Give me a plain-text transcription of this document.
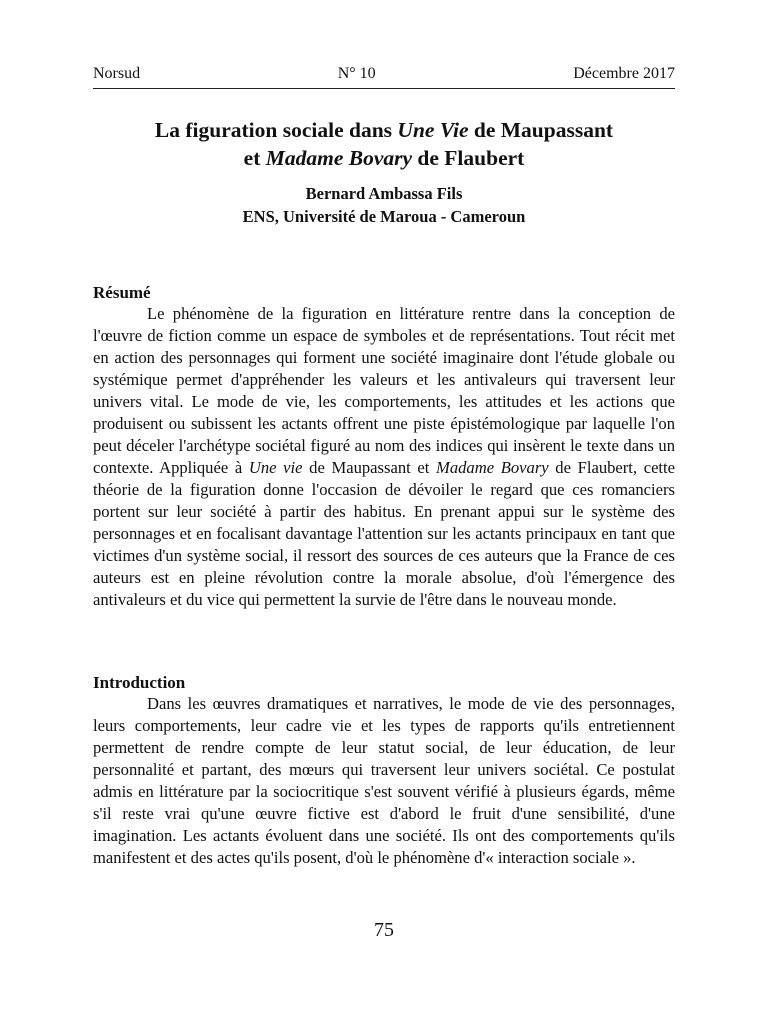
Norsud	N° 10	Décembre 2017
La figuration sociale dans Une Vie de Maupassant
et Madame Bovary de Flaubert
Bernard Ambassa Fils
ENS, Université de Maroua - Cameroun
Résumé

Le phénomène de la figuration en littérature rentre dans la conception de l'œuvre de fiction comme un espace de symboles et de représentations. Tout récit met en action des personnages qui forment une société imaginaire dont l'étude globale ou systémique permet d'appréhender les valeurs et les antivaleurs qui traversent leur univers vital. Le mode de vie, les comportements, les attitudes et les actions que produisent ou subissent les actants offrent une piste épistémologique par laquelle l'on peut déceler l'archétype sociétal figuré au nom des indices qui insèrent le texte dans un contexte. Appliquée à Une vie de Maupassant et Madame Bovary de Flaubert, cette théorie de la figuration donne l'occasion de dévoiler le regard que ces romanciers portent sur leur société à partir des habitus. En prenant appui sur le système des personnages et en focalisant davantage l'attention sur les actants principaux en tant que victimes d'un système social, il ressort des sources de ces auteurs que la France de ces auteurs est en pleine révolution contre la morale absolue, d'où l'émergence des antivaleurs et du vice qui permettent la survie de l'être dans le nouveau monde.

Introduction

Dans les œuvres dramatiques et narratives, le mode de vie des personnages, leurs comportements, leur cadre vie et les types de rapports qu'ils entretiennent permettent de rendre compte de leur statut social, de leur éducation, de leur personnalité et partant, des mœurs qui traversent leur univers sociétal. Ce postulat admis en littérature par la sociocritique s'est souvent vérifié à plusieurs égards, même s'il reste vrai qu'une œuvre fictive est d'abord le fruit d'une sensibilité, d'une imagination. Les actants évoluent dans une société. Ils ont des comportements qu'ils manifestent et des actes qu'ils posent, d'où le phénomène d'« interaction sociale ».

75
